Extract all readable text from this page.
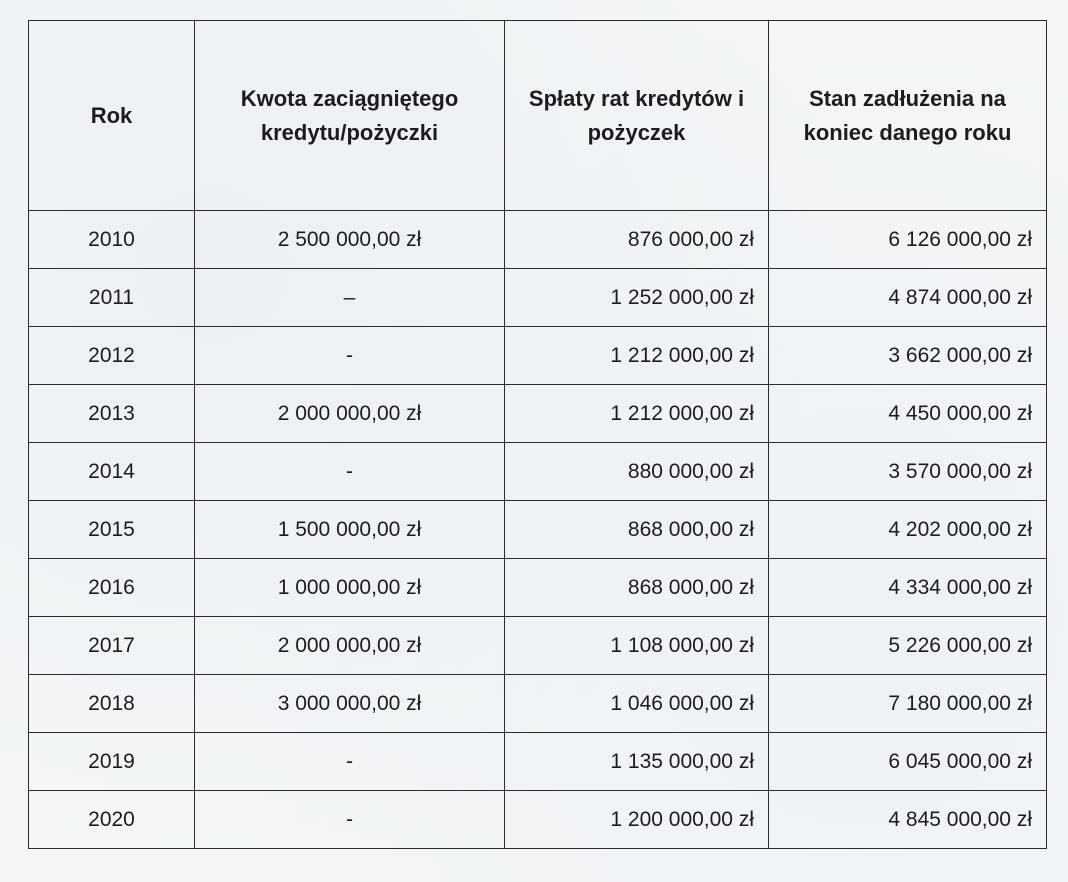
Rok	Kwota zaciągniętego kredytu/pożyczki	Spłaty rat kredytów i pożyczek	Stan zadłużenia na koniec danego roku
2010	2 500 000,00 zł	876 000,00 zł	6 126 000,00 zł
2011	–	1 252 000,00 zł	4 874 000,00 zł
2012	-	1 212 000,00 zł	3 662 000,00 zł
2013	2 000 000,00 zł	1 212 000,00 zł	4 450 000,00 zł
2014	-	880 000,00 zł	3 570 000,00 zł
2015	1 500 000,00 zł	868 000,00 zł	4 202 000,00 zł
2016	1 000 000,00 zł	868 000,00 zł	4 334 000,00 zł
2017	2 000 000,00 zł	1 108 000,00 zł	5 226 000,00 zł
2018	3 000 000,00 zł	1 046 000,00 zł	7 180 000,00 zł
2019	-	1 135 000,00 zł	6 045 000,00 zł
2020	-	1 200 000,00 zł	4 845 000,00 zł
